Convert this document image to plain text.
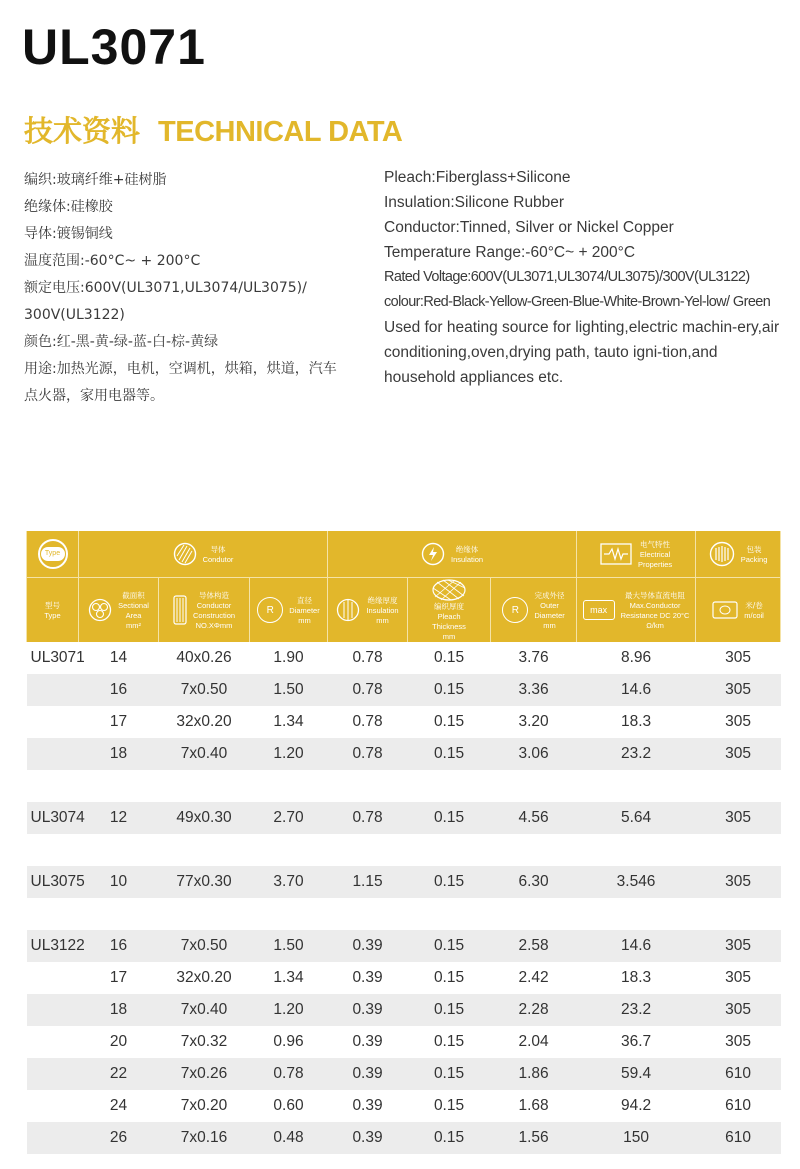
UL3071
技术资料 TECHNICAL DATA
编织:玻璃纤维+硅树脂
绝缘体:硅橡胶
导体:镀锡铜线
温度范围:-60°C~ + 200°C
额定电压:600V(UL3071,UL3074/UL3075)/
300V(UL3122)
颜色:红-黑-黄-绿-蓝-白-棕-黄绿
用途:加热光源，电机，空调机，烘箱，烘道，汽车
点火器，家用电器等。
Pleach:Fiberglass+Silicone
Insulation:Silicone Rubber
Conductor:Tinned, Silver or Nickel Copper
Temperature Range:-60°C~ + 200°C
Rated Voltage:600V(UL3071,UL3074/UL3075)/300V(UL3122)
colour:Red-Black-Yellow-Green-Blue-White-Brown-Yel-low/ Green
Used for heating source for lighting,electric machin-ery,air conditioning,oven,drying path, tauto igni-tion,and household appliances etc.
Type	导体
Condutor			绝缘体
Insulation			电气特性
Electrical
Properties	包装
Packing

型号
Type	截面积
Sectional
Area
mm²	导体构造
Conductor
Construction
NO.XΦmm	R
直径
Diameter
mm	绝缘厚度
Insulation
mm	编织厚度
Pleach
Thickness
mm	R
完成外径
Outer
Diameter
mm	max
最大导体直流电阻
Max.Conductor
Resistance DC 20°C
Ω/km	米/卷
m/coil

UL3071	14	40x0.26	1.90	0.78	0.15	3.76	8.96	305
	16	7x0.50	1.50	0.78	0.15	3.36	14.6	305
	17	32x0.20	1.34	0.78	0.15	3.20	18.3	305
	18	7x0.40	1.20	0.78	0.15	3.06	23.2	305

UL3074	12	49x0.30	2.70	0.78	0.15	4.56	5.64	305

UL3075	10	77x0.30	3.70	1.15	0.15	6.30	3.546	305

UL3122	16	7x0.50	1.50	0.39	0.15	2.58	14.6	305
	17	32x0.20	1.34	0.39	0.15	2.42	18.3	305
	18	7x0.40	1.20	0.39	0.15	2.28	23.2	305
	20	7x0.32	0.96	0.39	0.15	2.04	36.7	305
	22	7x0.26	0.78	0.39	0.15	1.86	59.4	610
	24	7x0.20	0.60	0.39	0.15	1.68	94.2	610
	26	7x0.16	0.48	0.39	0.15	1.56	150	610
